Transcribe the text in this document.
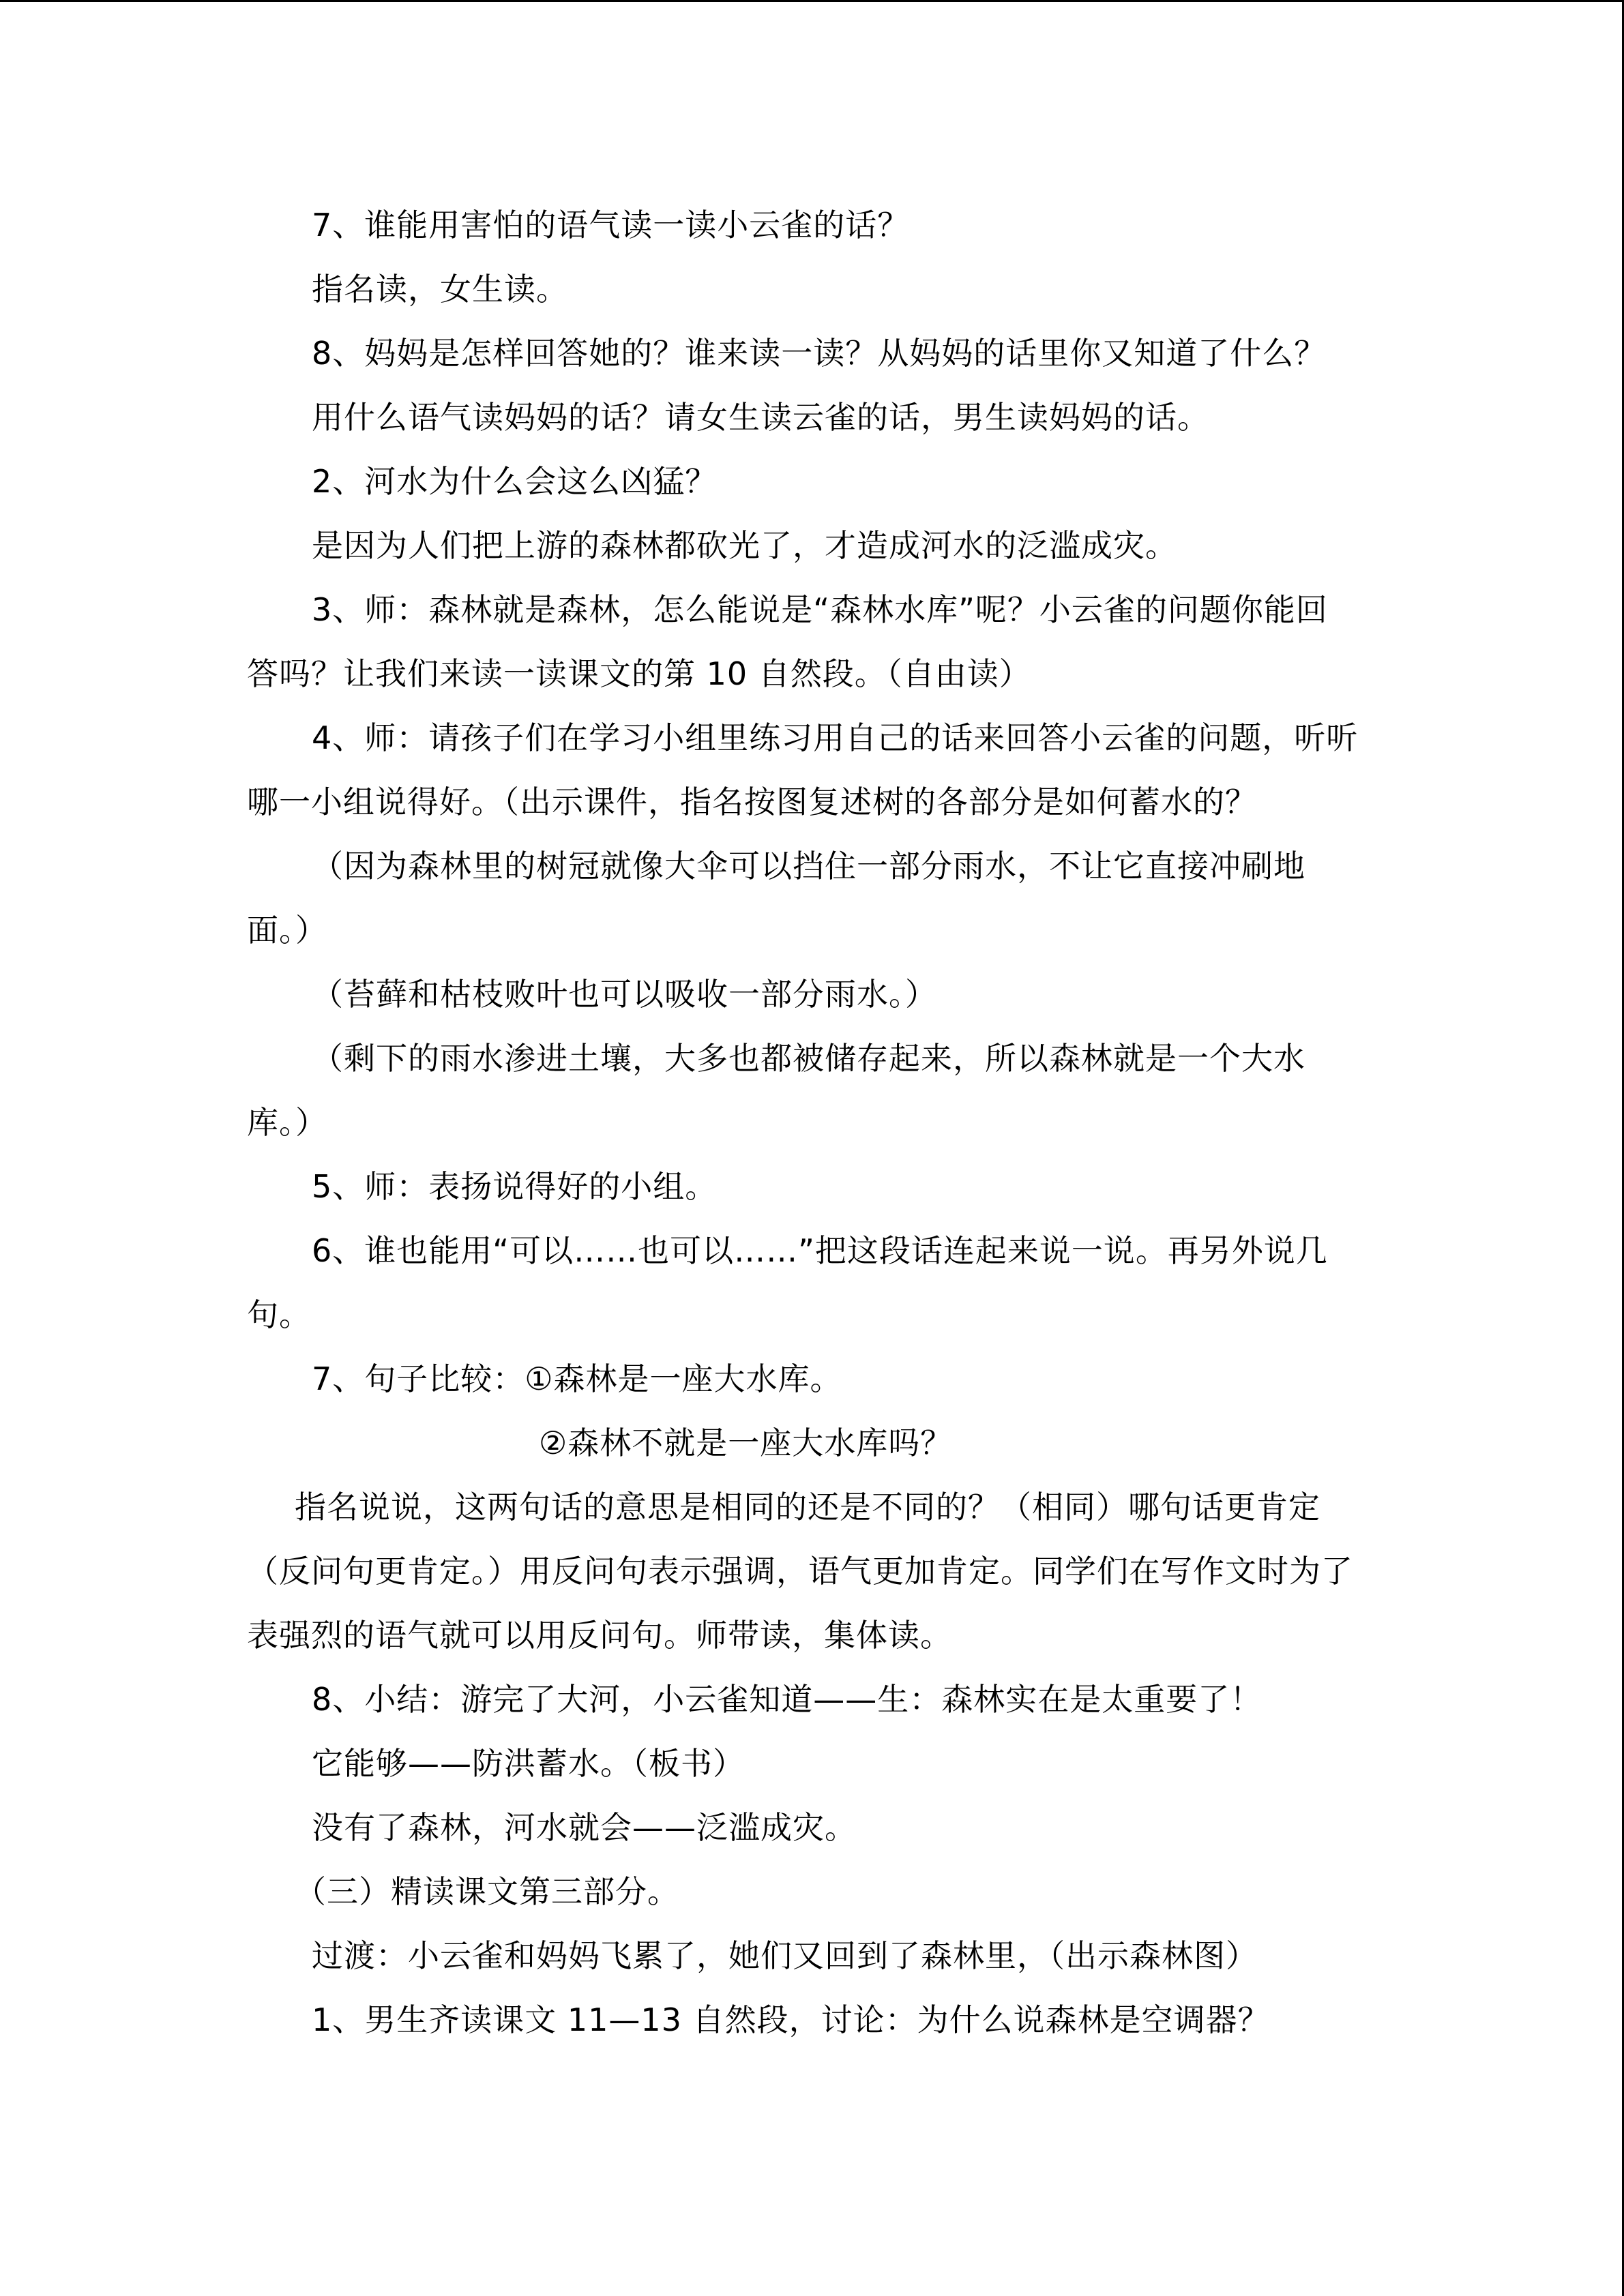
7、谁能用害怕的语气读一读小云雀的话？
指名读，女生读。
8、妈妈是怎样回答她的？谁来读一读？从妈妈的话里你又知道了什么？
用什么语气读妈妈的话？请女生读云雀的话，男生读妈妈的话。
2、河水为什么会这么凶猛？
是因为人们把上游的森林都砍光了，才造成河水的泛滥成灾。
3、师：森林就是森林，怎么能说是“森林水库”呢？小云雀的问题你能回
答吗？让我们来读一读课文的第 10 自然段。（自由读）
4、师：请孩子们在学习小组里练习用自己的话来回答小云雀的问题，听听
哪一小组说得好。（出示课件，指名按图复述树的各部分是如何蓄水的？
（因为森林里的树冠就像大伞可以挡住一部分雨水，不让它直接冲刷地
面。）
（苔藓和枯枝败叶也可以吸收一部分雨水。）
（剩下的雨水渗进土壤，大多也都被储存起来，所以森林就是一个大水
库。）
5、师：表扬说得好的小组。
6、谁也能用“可以……也可以……”把这段话连起来说一说。再另外说几
句。
7、句子比较：①森林是一座大水库。
②森林不就是一座大水库吗？
指名说说，这两句话的意思是相同的还是不同的？（相同）哪句话更肯定
（反问句更肯定。）用反问句表示强调，语气更加肯定。同学们在写作文时为了
表强烈的语气就可以用反问句。师带读，集体读。
8、小结：游完了大河，小云雀知道——生：森林实在是太重要了！
它能够——防洪蓄水。（板书）
没有了森林，河水就会——泛滥成灾。
（三）精读课文第三部分。
过渡：小云雀和妈妈飞累了，她们又回到了森林里，（出示森林图）
1、男生齐读课文 11—13 自然段，讨论：为什么说森林是空调器？
